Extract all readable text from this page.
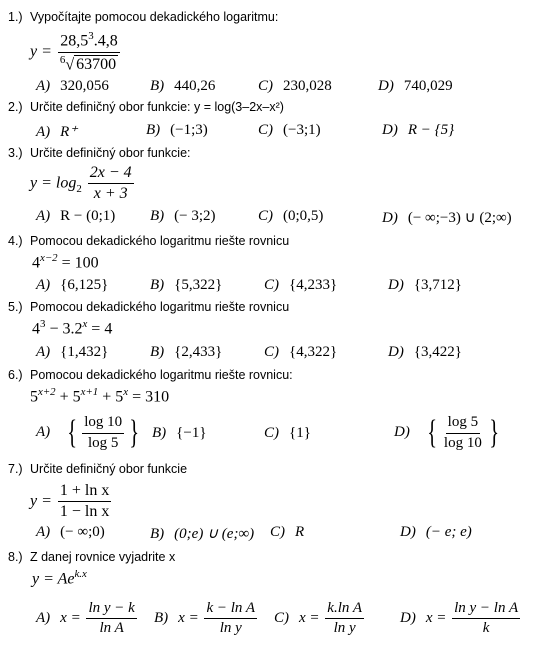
1.) Vypočítajte pomocou dekadického logaritmu:
$y = \frac{28,5^3.4,8}{^6√ 63700}$
A) 320,056	B) 440,26	C) 230,028	D) 740,029
2.) Určite definičný obor funkcie: y = log(3–2x–x²)
A) R⁺	B) (−1;3)	C) (−3;1)	D) R − {5}
3.) Určite definičný obor funkcie:
$y = \log_2 \frac{2x - 4}{x + 3}$
A) R − (0;1) B) (− 3;2)	C) (0;0,5)	D) (− ∞;−3) ∪ (2;∞)
4.) Pomocou dekadického logaritmu riešte rovnicu
$4^{x-2} = 100$
A) {6,125}	B) {5,322}	C) {4,233}	D) {3,712}
5.) Pomocou dekadického logaritmu riešte rovnicu
$4^3 - 3.2^x = 4$
A) {1,432}	B) {2,433}	C) {4,322}	D) {3,422}
6.) Pomocou dekadického logaritmu riešte rovnicu:
$5^{x+2} + 5^{x+1} + 5^x = 310$
A) { $\frac{\log 10}{\log 5}$ } B) {−1}	C) {1}	D) { $\frac{\log 5}{\log 10}$ }
7.) Určite definičný obor funkcie
$y = \frac{\text{1 + ln x}}{\text{1 − ln x}}$
A) (− ∞;0)	B) (0;e) ∪ (e;∞) C) R	D) (− e; e)
8.) Z danej rovnice vyjadrite x
$y = Ae^{k.x}$
A) $x = \frac{\text{ln y − k}}{\text{ln A}} B$) $x = \frac{\text{k − ln A}}{\text{ln y}} C$) $x = \frac{\text{k.ln A}}{\text{ln y}} D$) $x = \frac{\text{ln y − ln A}}{k}$
